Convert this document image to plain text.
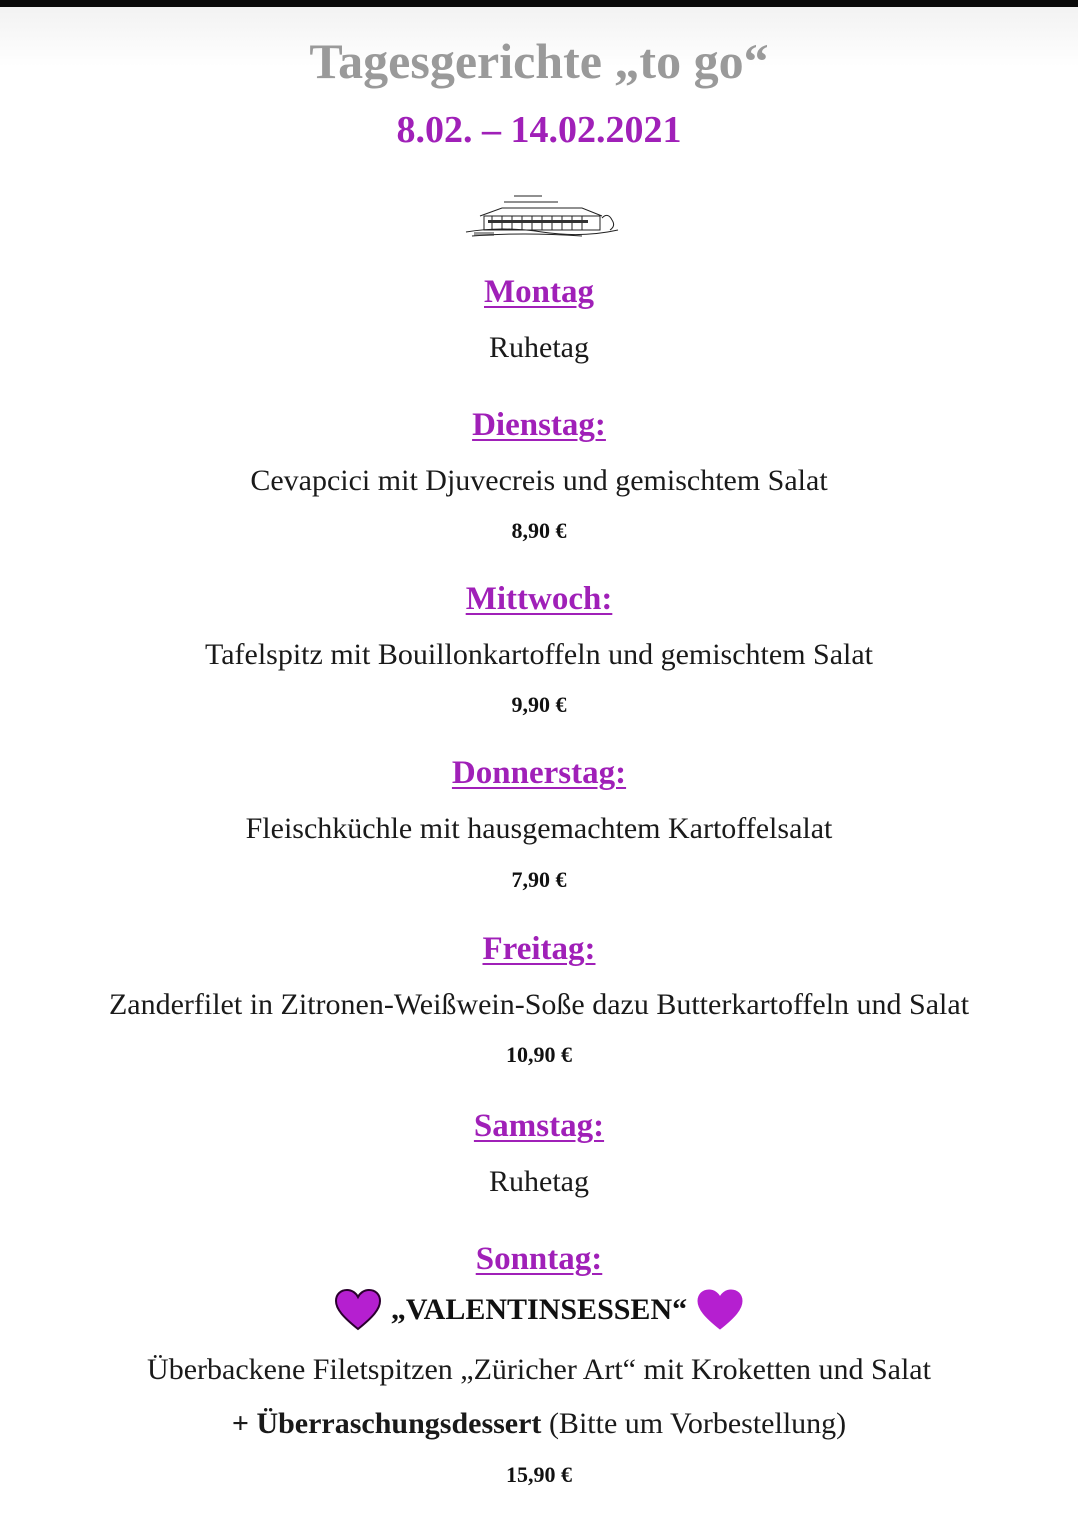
Tagesgerichte „to go“
8.02. – 14.02.2021
Montag
Ruhetag
Dienstag:
Cevapcici mit Djuvecreis und gemischtem Salat
8,90 €
Mittwoch:
Tafelspitz mit Bouillonkartoffeln und gemischtem Salat
9,90 €
Donnerstag:
Fleischküchle mit hausgemachtem Kartoffelsalat
7,90 €
Freitag:
Zanderfilet in Zitronen-Weißwein-Soße dazu Butterkartoffeln und Salat
10,90 €
Samstag:
Ruhetag
Sonntag:
„VALENTINSESSEN“
Überbackene Filetspitzen „Züricher Art“ mit Kroketten und Salat
+ Überraschungsdessert (Bitte um Vorbestellung)
15,90 €
